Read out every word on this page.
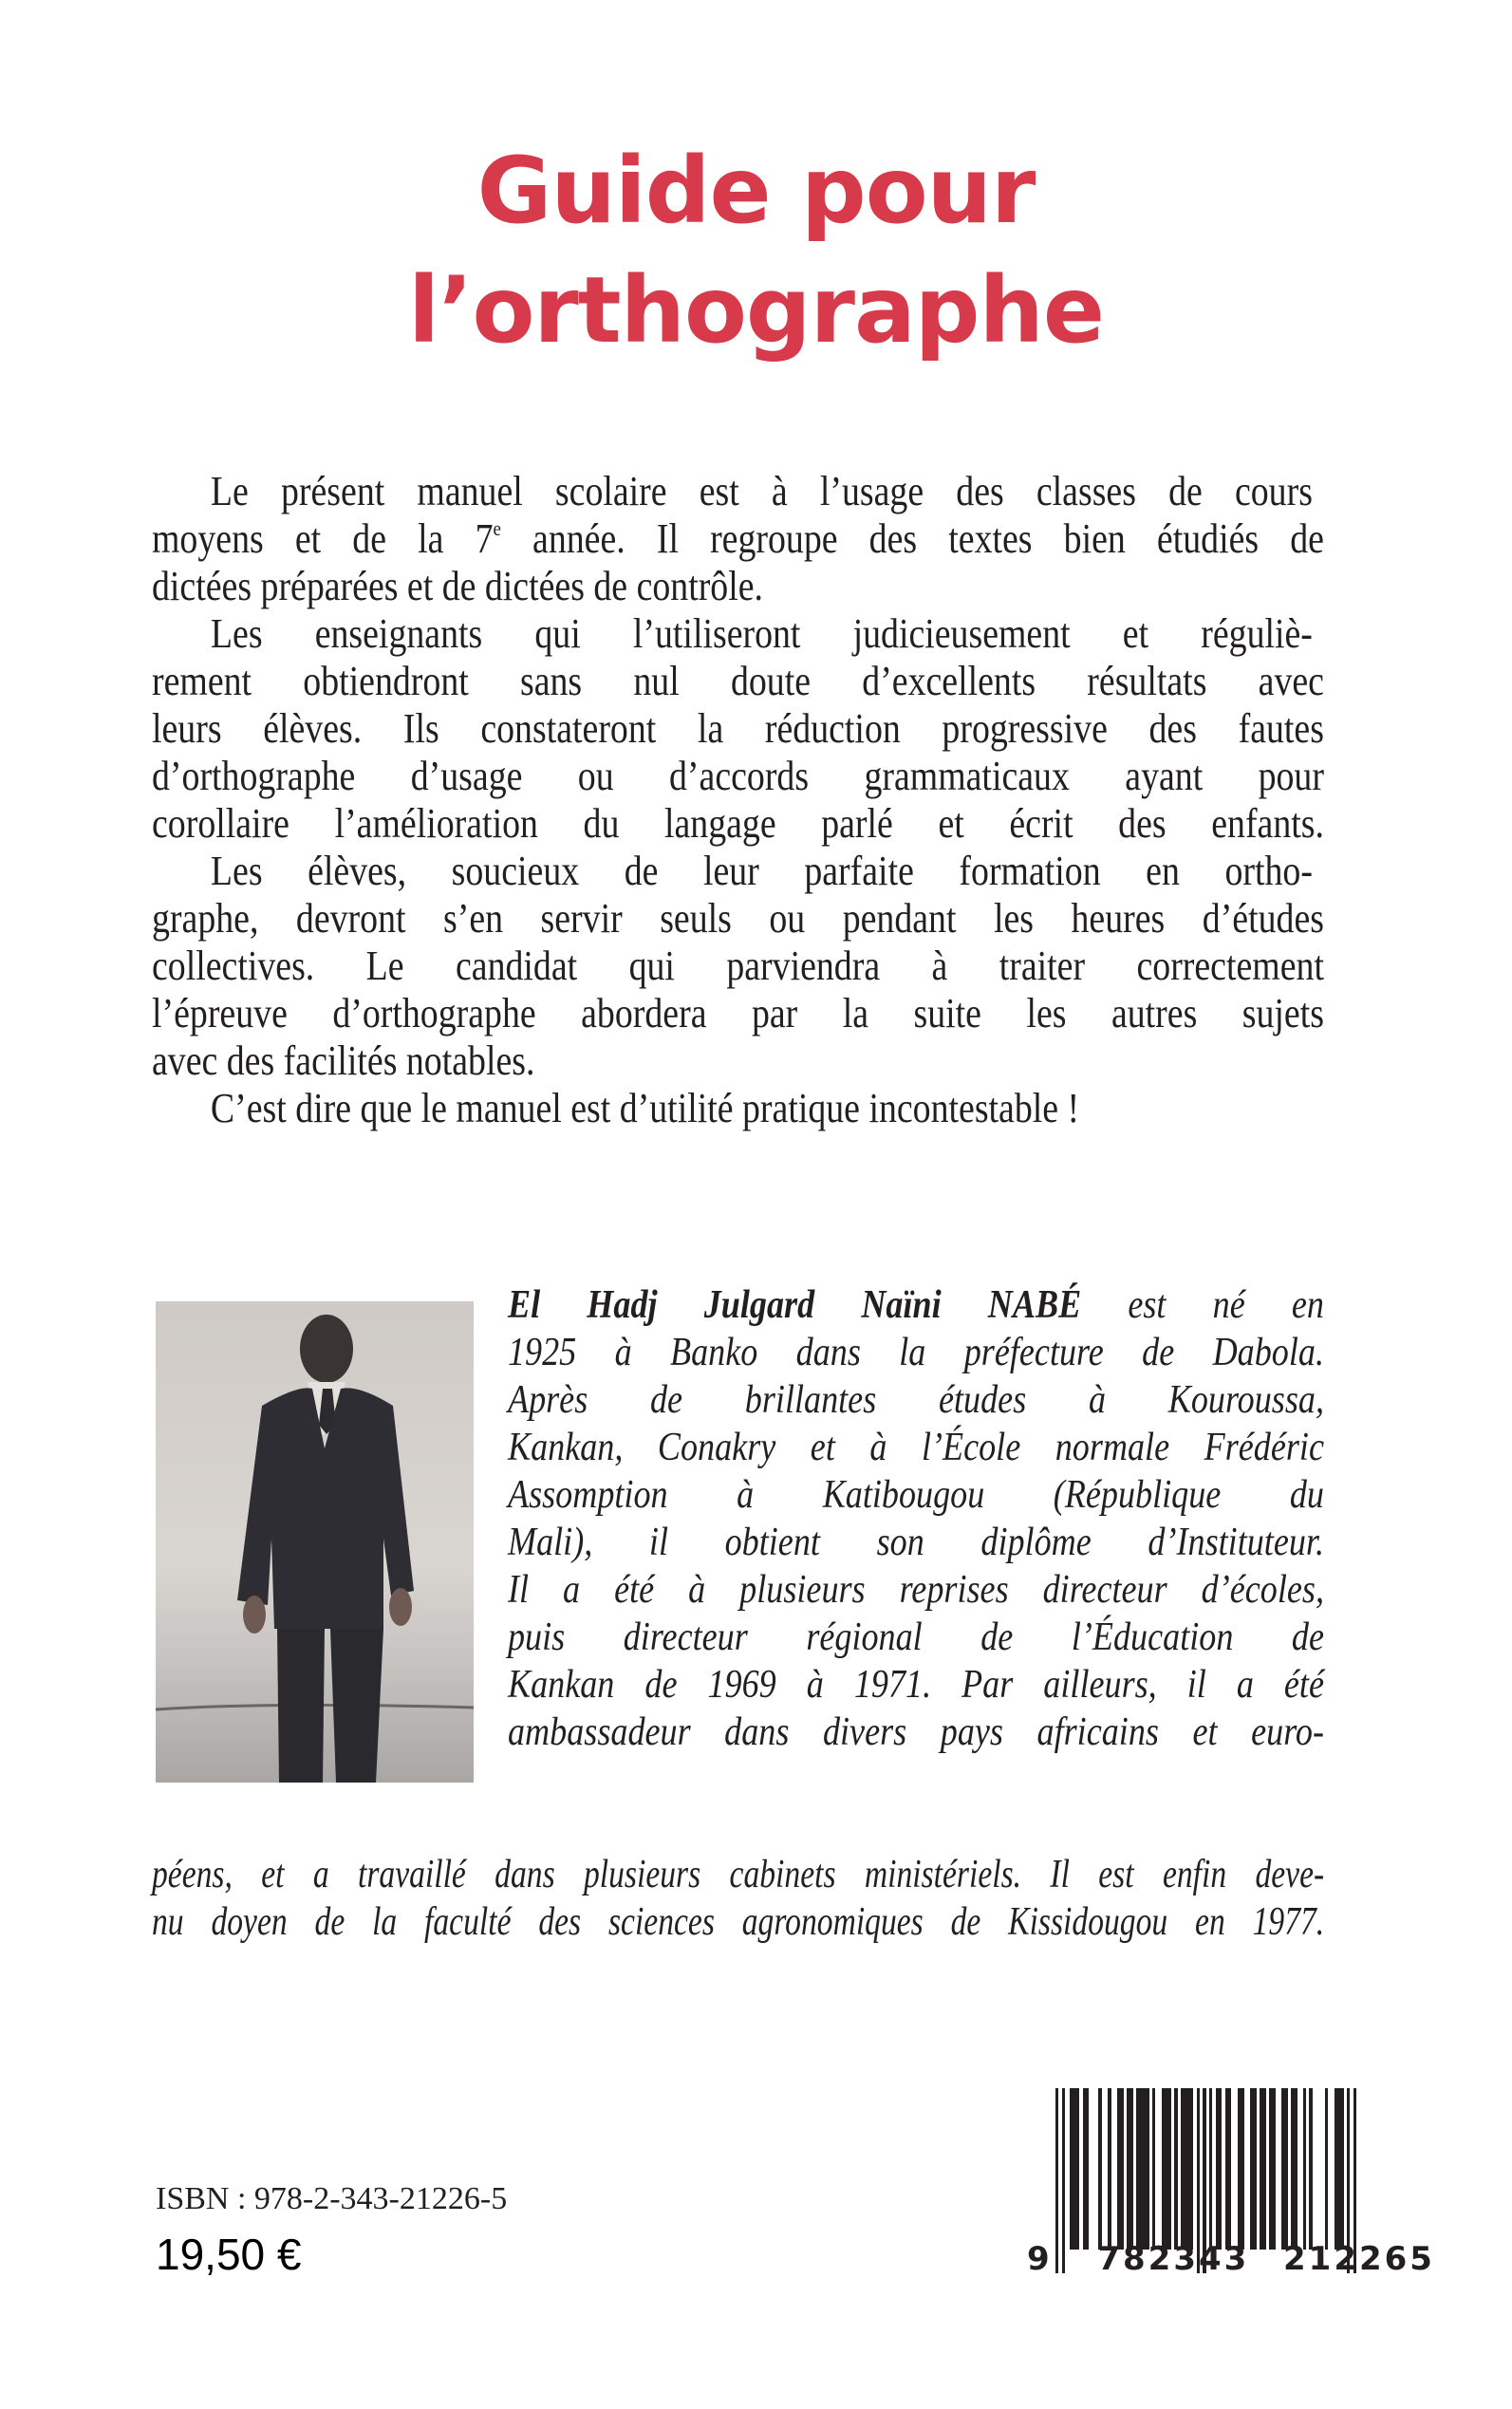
Guide pour
l’orthographe
Le présent manuel scolaire est à l’usage des classes de cours
moyens et de la 7e année. Il regroupe des textes bien étudiés de
dictées préparées et de dictées de contrôle.
Les enseignants qui l’utiliseront judicieusement et réguliè-
rement obtiendront sans nul doute d’excellents résultats avec
leurs élèves. Ils constateront la réduction progressive des fautes
d’orthographe d’usage ou d’accords grammaticaux ayant pour
corollaire l’amélioration du langage parlé et écrit des enfants.
Les élèves, soucieux de leur parfaite formation en ortho-
graphe, devront s’en servir seuls ou pendant les heures d’études
collectives. Le candidat qui parviendra à traiter correctement
l’épreuve d’orthographe abordera par la suite les autres sujets
avec des facilités notables.
C’est dire que le manuel est d’utilité pratique incontestable !
El Hadj Julgard Naïni NABÉ est né en
1925 à Banko dans la préfecture de Dabola.
Après de brillantes études à Kouroussa,
Kankan, Conakry et à l’École normale Frédéric
Assomption à Katibougou (République du
Mali), il obtient son diplôme d’Instituteur.
Il a été à plusieurs reprises directeur d’écoles,
puis directeur régional de l’Éducation de
Kankan de 1969 à 1971. Par ailleurs, il a été
ambassadeur dans divers pays africains et euro-
péens, et a travaillé dans plusieurs cabinets ministériels. Il est enfin deve-
nu doyen de la faculté des sciences agronomiques de Kissidougou en 1977.
ISBN : 978-2-343-21226-5
19,50 €	9 782343 212265
